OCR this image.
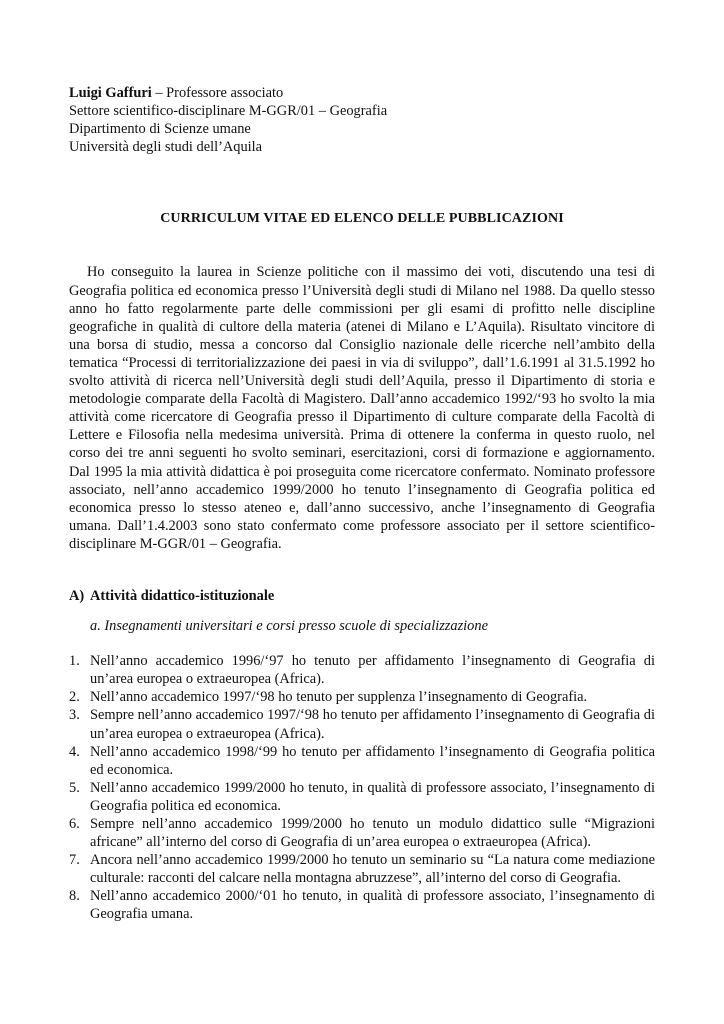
Luigi Gaffuri – Professore associato
Settore scientifico-disciplinare M-GGR/01 – Geografia
Dipartimento di Scienze umane
Università degli studi dell’Aquila
CURRICULUM VITAE ED ELENCO DELLE PUBBLICAZIONI

Ho conseguito la laurea in Scienze politiche con il massimo dei voti, discutendo una tesi di Geografia politica ed economica presso l’Università degli studi di Milano nel 1988. Da quello stesso anno ho fatto regolarmente parte delle commissioni per gli esami di profitto nelle discipline geografiche in qualità di cultore della materia (atenei di Milano e L’Aquila). Risultato vincitore di una borsa di studio, messa a concorso dal Consiglio nazionale delle ricerche nell’ambito della tematica “Processi di territorializzazione dei paesi in via di sviluppo”, dall’1.6.1991 al 31.5.1992 ho svolto attività di ricerca nell’Università degli studi dell’Aquila, presso il Dipartimento di storia e metodologie comparate della Facoltà di Magistero. Dall’anno accademico 1992/‘93 ho svolto la mia attività come ricercatore di Geografia presso il Dipartimento di culture comparate della Facoltà di Lettere e Filosofia nella medesima università. Prima di ottenere la conferma in questo ruolo, nel corso dei tre anni seguenti ho svolto seminari, esercitazioni, corsi di formazione e aggiornamento. Dal 1995 la mia attività didattica è poi proseguita come ricercatore confermato. Nominato professore associato, nell’anno accademico 1999/2000 ho tenuto l’insegnamento di Geografia politica ed economica presso lo stesso ateneo e, dall’anno successivo, anche l’insegnamento di Geografia umana. Dall’1.4.2003 sono stato confermato come professore associato per il settore scientifico-disciplinare M-GGR/01 – Geografia.

A) Attività didattico-istituzionale
a. Insegnamenti universitari e corsi presso scuole di specializzazione
1. Nell’anno accademico 1996/‘97 ho tenuto per affidamento l’insegnamento di Geografia di un’area europea o extraeuropea (Africa).
2. Nell’anno accademico 1997/‘98 ho tenuto per supplenza l’insegnamento di Geografia.
3. Sempre nell’anno accademico 1997/‘98 ho tenuto per affidamento l’insegnamento di Geografia di un’area europea o extraeuropea (Africa).
4. Nell’anno accademico 1998/‘99 ho tenuto per affidamento l’insegnamento di Geografia politica ed economica.
5. Nell’anno accademico 1999/2000 ho tenuto, in qualità di professore associato, l’insegnamento di Geografia politica ed economica.
6. Sempre nell’anno accademico 1999/2000 ho tenuto un modulo didattico sulle “Migrazioni africane” all’interno del corso di Geografia di un’area europea o extraeuropea (Africa).
7. Ancora nell’anno accademico 1999/2000 ho tenuto un seminario su “La natura come mediazione culturale: racconti del calcare nella montagna abruzzese”, all’interno del corso di Geografia.
8. Nell’anno accademico 2000/‘01 ho tenuto, in qualità di professore associato, l’insegnamento di Geografia umana.
